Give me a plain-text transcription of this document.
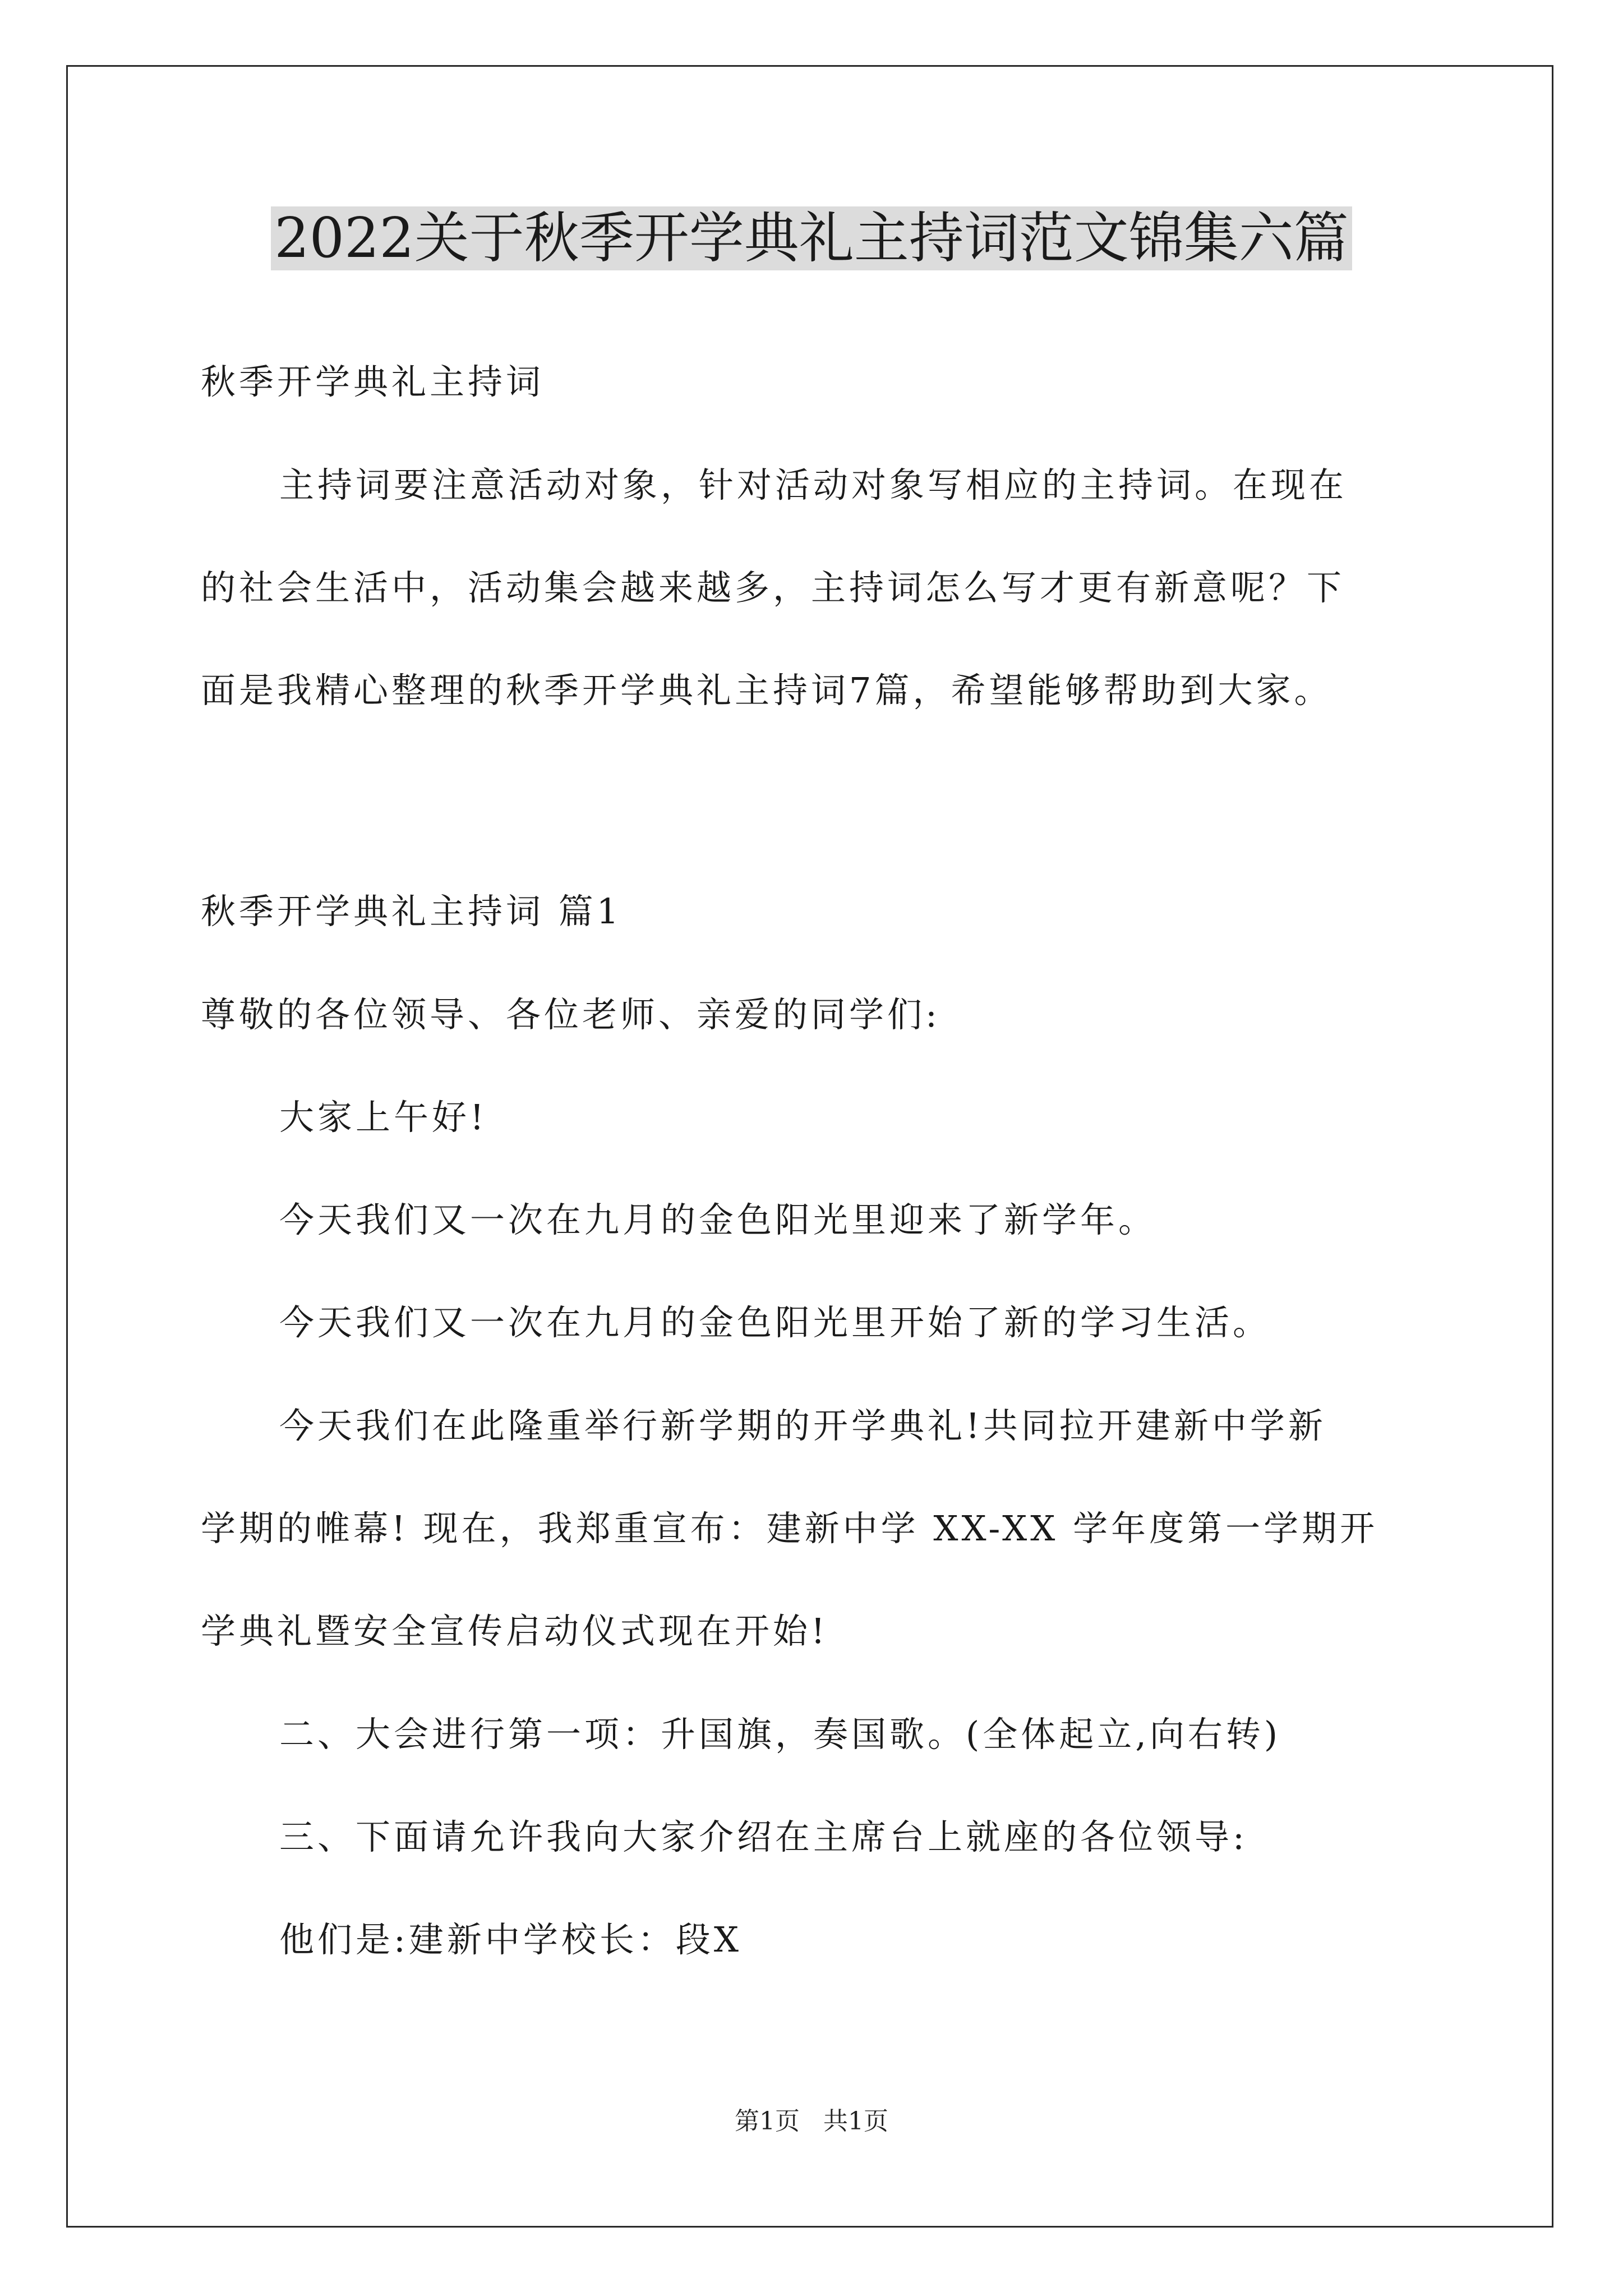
2022关于秋季开学典礼主持词范文锦集六篇
秋季开学典礼主持词
主持词要注意活动对象，针对活动对象写相应的主持词。在现在
的社会生活中，活动集会越来越多，主持词怎么写才更有新意呢？下
面是我精心整理的秋季开学典礼主持词7篇，希望能够帮助到大家。
秋季开学典礼主持词 篇1
尊敬的各位领导、各位老师、亲爱的同学们:
大家上午好!
今天我们又一次在九月的金色阳光里迎来了新学年。
今天我们又一次在九月的金色阳光里开始了新的学习生活。
今天我们在此隆重举行新学期的开学典礼!共同拉开建新中学新
学期的帷幕! 现在，我郑重宣布：建新中学 XX-XX 学年度第一学期开
学典礼暨安全宣传启动仪式现在开始!
二、大会进行第一项：升国旗，奏国歌。(全体起立,向右转)
三、下面请允许我向大家介绍在主席台上就座的各位领导:
他们是:建新中学校长：段X
第1页   共1页
